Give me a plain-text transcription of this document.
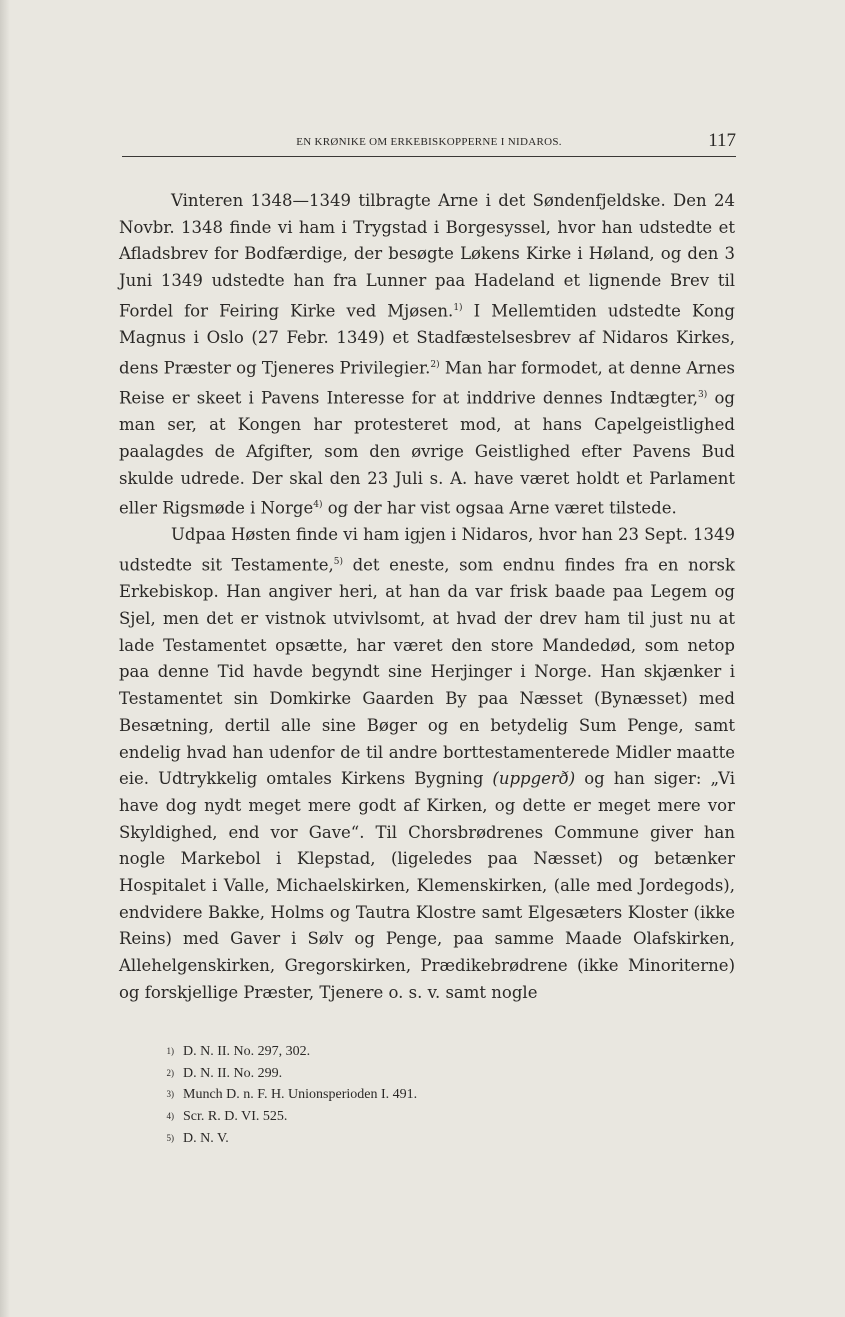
EN KRØNIKE OM ERKEBISKOPPERNE I NIDAROS.	117

Vinteren 1348—1349 tilbragte Arne i det Søndenfjeldske. Den 24 Novbr. 1348 finde vi ham i Trygstad i Borgesyssel, hvor han udstedte et Afladsbrev for Bodfærdige, der besøgte Løkens Kirke i Høland, og den 3 Juni 1349 udstedte han fra Lunner paa Hadeland et lignende Brev til Fordel for Feiring Kirke ved Mjøsen.$^{1)}$ I Mellemtiden udstedte Kong Magnus i Oslo (27 Febr. 1349) et Stadfæstelsesbrev af Nidaros Kirkes, dens Præster og Tjeneres Privilegier.$^{2)}$ Man har formodet, at denne Arnes Reise er skeet i Pavens Interesse for at inddrive dennes Indtægter,$^{3)}$ og man ser, at Kongen har protesteret mod, at hans Capelgeistlighed paalagdes de Afgifter, som den øvrige Geistlighed efter Pavens Bud skulde udrede. Der skal den 23 Juli s. A. have været holdt et Parlament eller Rigsmøde i Norge$^{4)}$ og der har vist ogsaa Arne været tilstede.

Udpaa Høsten finde vi ham igjen i Nidaros, hvor han 23 Sept. 1349 udstedte sit Testamente,$^{5)}$ det eneste, som endnu findes fra en norsk Erkebiskop. Han angiver heri, at han da var frisk baade paa Legem og Sjel, men det er vistnok utvivlsomt, at hvad der drev ham til just nu at lade Testamentet opsætte, har været den store Mandedød, som netop paa denne Tid havde begyndt sine Herjinger i Norge. Han skjænker i Testamentet sin Domkirke Gaarden By paa Næsset (Bynæsset) med Besætning, dertil alle sine Bøger og en betydelig Sum Penge, samt endelig hvad han udenfor de til andre borttestamenterede Midler maatte eie. Udtrykkelig omtales Kirkens Bygning (uppgerð) og han siger: „Vi have dog nydt meget mere godt af Kirken, og dette er meget mere vor Skyldighed, end vor Gave“. Til Chorsbrødrenes Commune giver han nogle Markebol i Klepstad, (ligeledes paa Næsset) og betænker Hospitalet i Valle, Michaelskirken, Klemenskirken, (alle med Jordegods), endvidere Bakke, Holms og Tautra Klostre samt Elgesæters Kloster (ikke Reins) med Gaver i Sølv og Penge, paa samme Maade Olafskirken, Allehelgenskirken, Gregorskirken, Prædikebrødrene (ikke Minoriterne) og forskjellige Præster, Tjenere o. s. v. samt nogle

$^{1)}$ D. N. II. No. 297, 302.
$^{2)}$ D. N. II. No. 299.
$^{3)}$ Munch D. n. F. H. Unionsperioden I. 491.
$^{4)}$ Scr. R. D. VI. 525.
$^{5)}$ D. N. V.
